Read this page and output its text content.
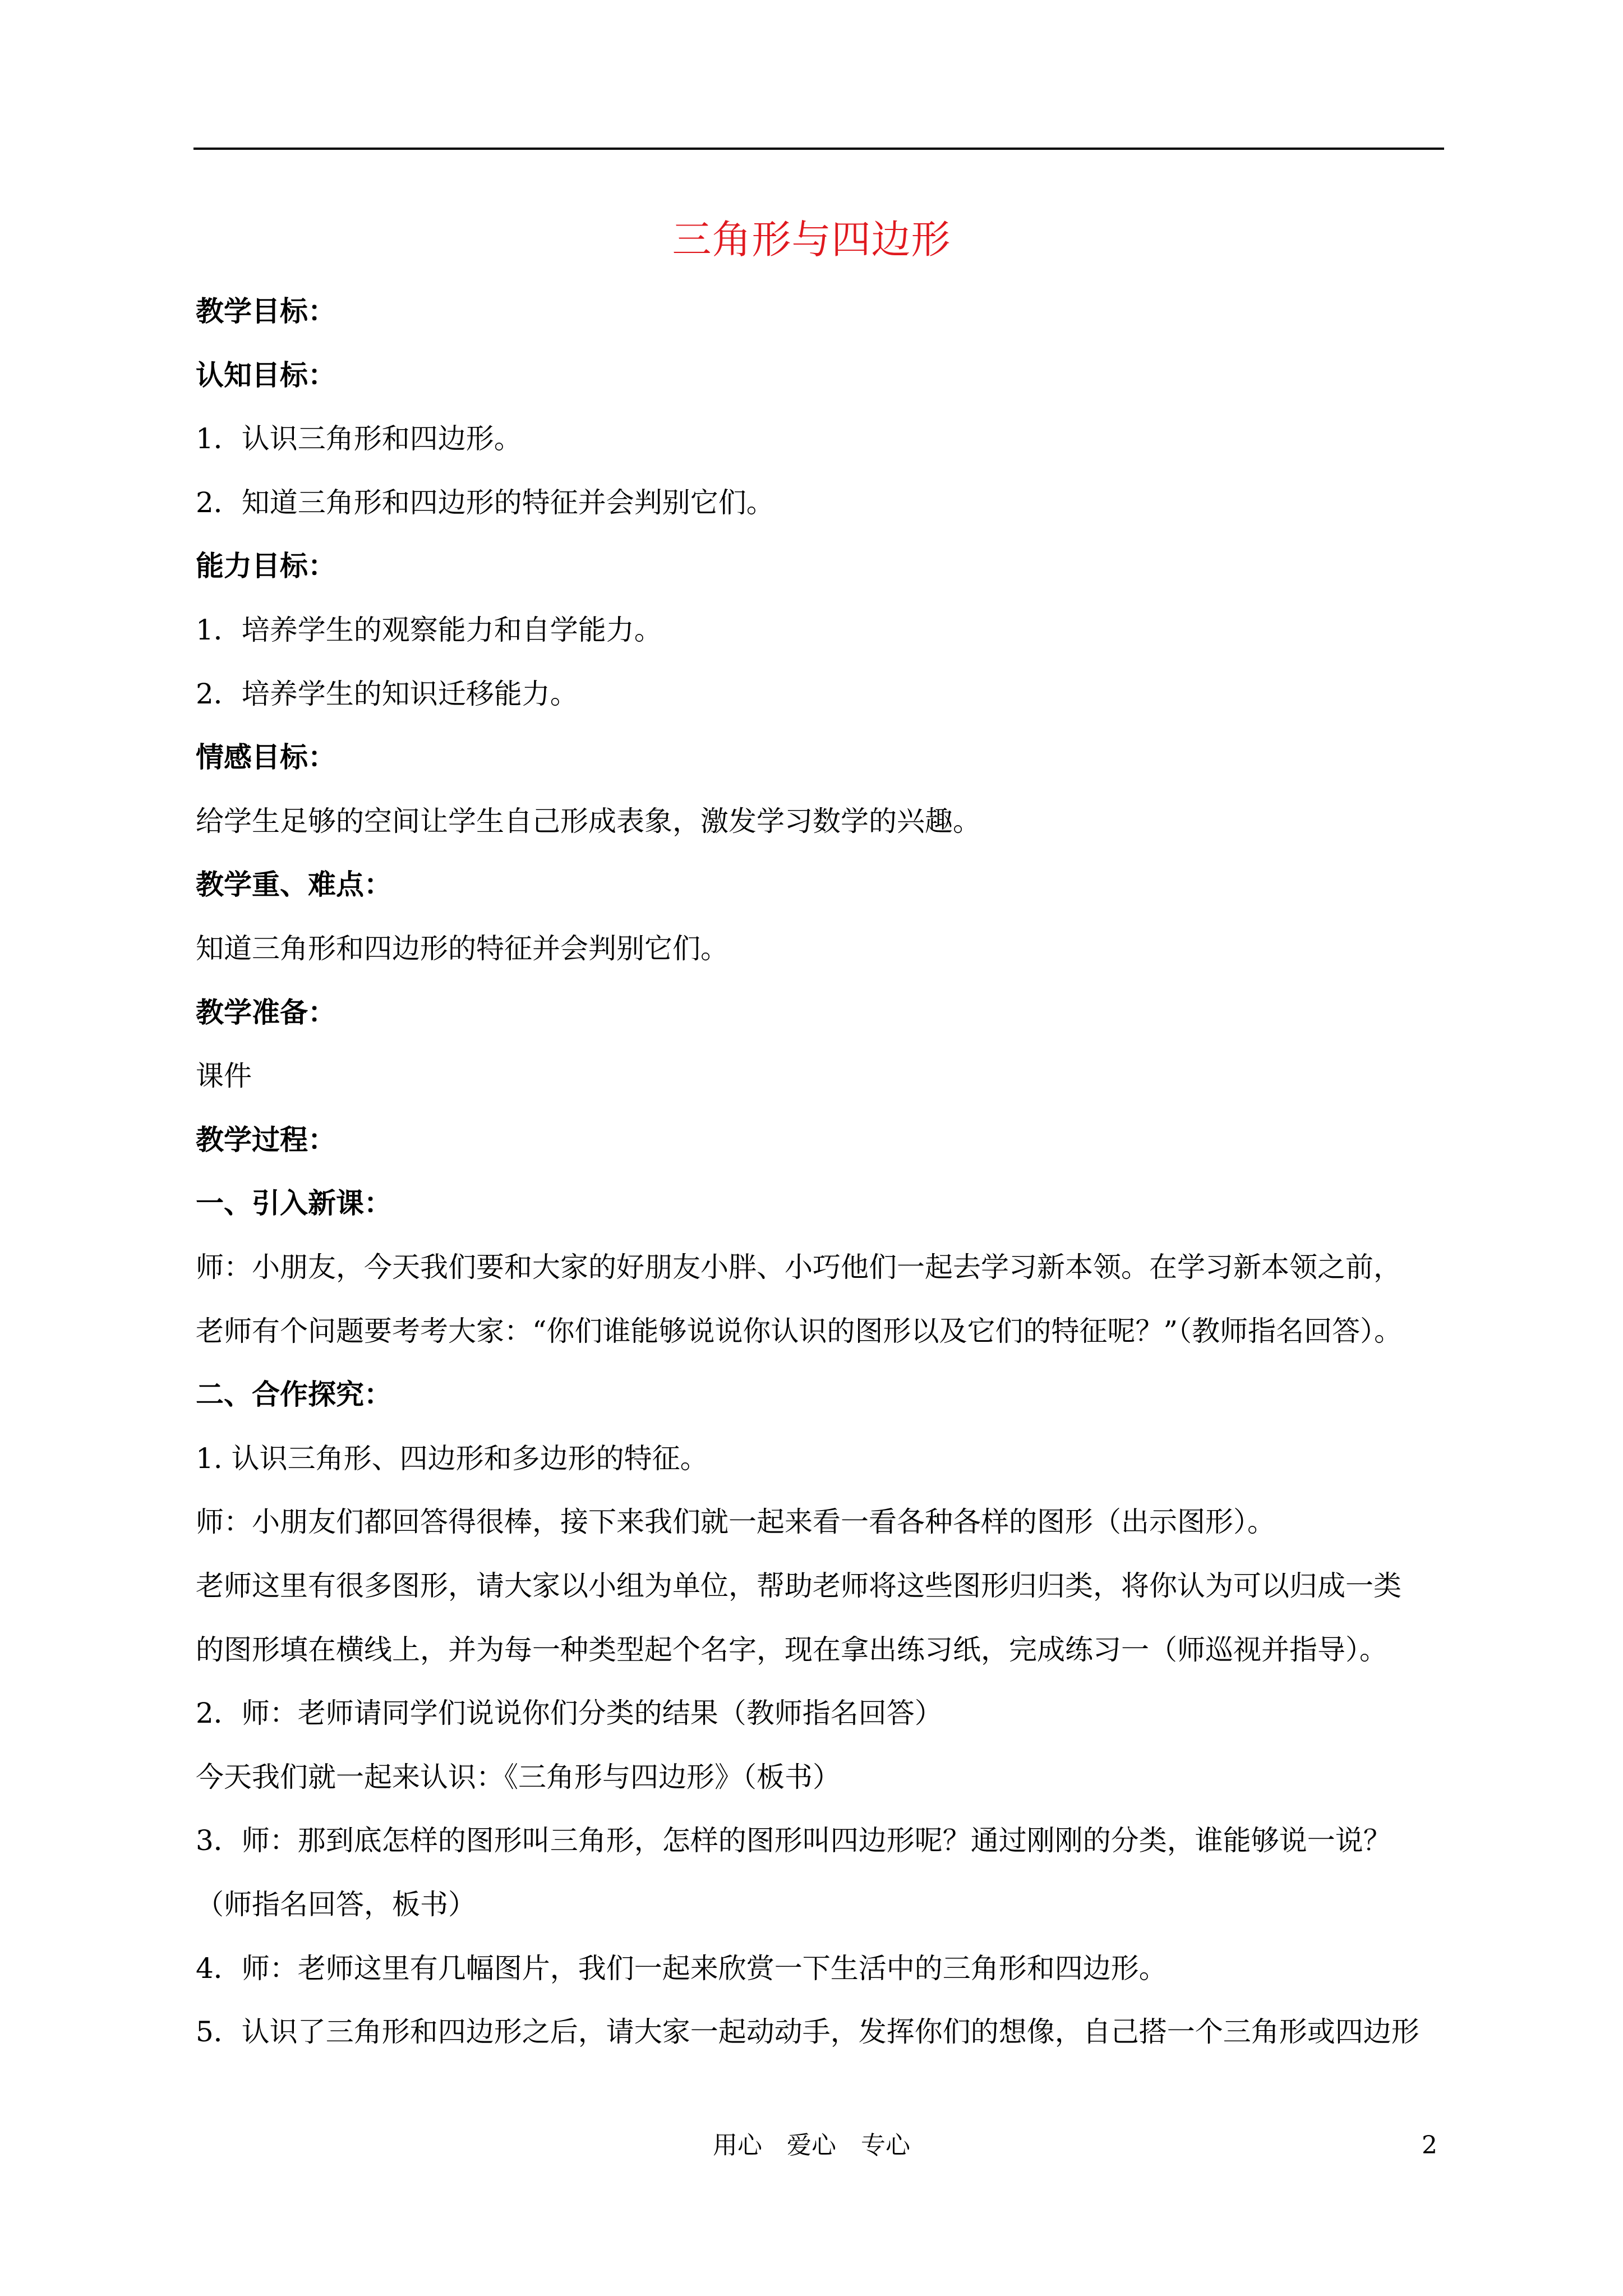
三角形与四边形
教学目标：
认知目标：
1．认识三角形和四边形。
2．知道三角形和四边形的特征并会判别它们。
能力目标：
1．培养学生的观察能力和自学能力。
2．培养学生的知识迁移能力。
情感目标：
给学生足够的空间让学生自己形成表象，激发学习数学的兴趣。
教学重、难点：
知道三角形和四边形的特征并会判别它们。
教学准备：
课件
教学过程：
一、引入新课：
师：小朋友，今天我们要和大家的好朋友小胖、小巧他们一起去学习新本领。在学习新本领之前，
老师有个问题要考考大家：“你们谁能够说说你认识的图形以及它们的特征呢？”（教师指名回答）。
二、合作探究：
1. 认识三角形、四边形和多边形的特征。
师：小朋友们都回答得很棒，接下来我们就一起来看一看各种各样的图形（出示图形）。
老师这里有很多图形，请大家以小组为单位，帮助老师将这些图形归归类，将你认为可以归成一类
的图形填在横线上，并为每一种类型起个名字，现在拿出练习纸，完成练习一（师巡视并指导）。
2．师：老师请同学们说说你们分类的结果（教师指名回答）
今天我们就一起来认识：《三角形与四边形》（板书）
3．师：那到底怎样的图形叫三角形，怎样的图形叫四边形呢？通过刚刚的分类，谁能够说一说？
（师指名回答，板书）
4．师：老师这里有几幅图片，我们一起来欣赏一下生活中的三角形和四边形。
5．认识了三角形和四边形之后，请大家一起动动手，发挥你们的想像，自己搭一个三角形或四边形
用心　爱心　专心	2
